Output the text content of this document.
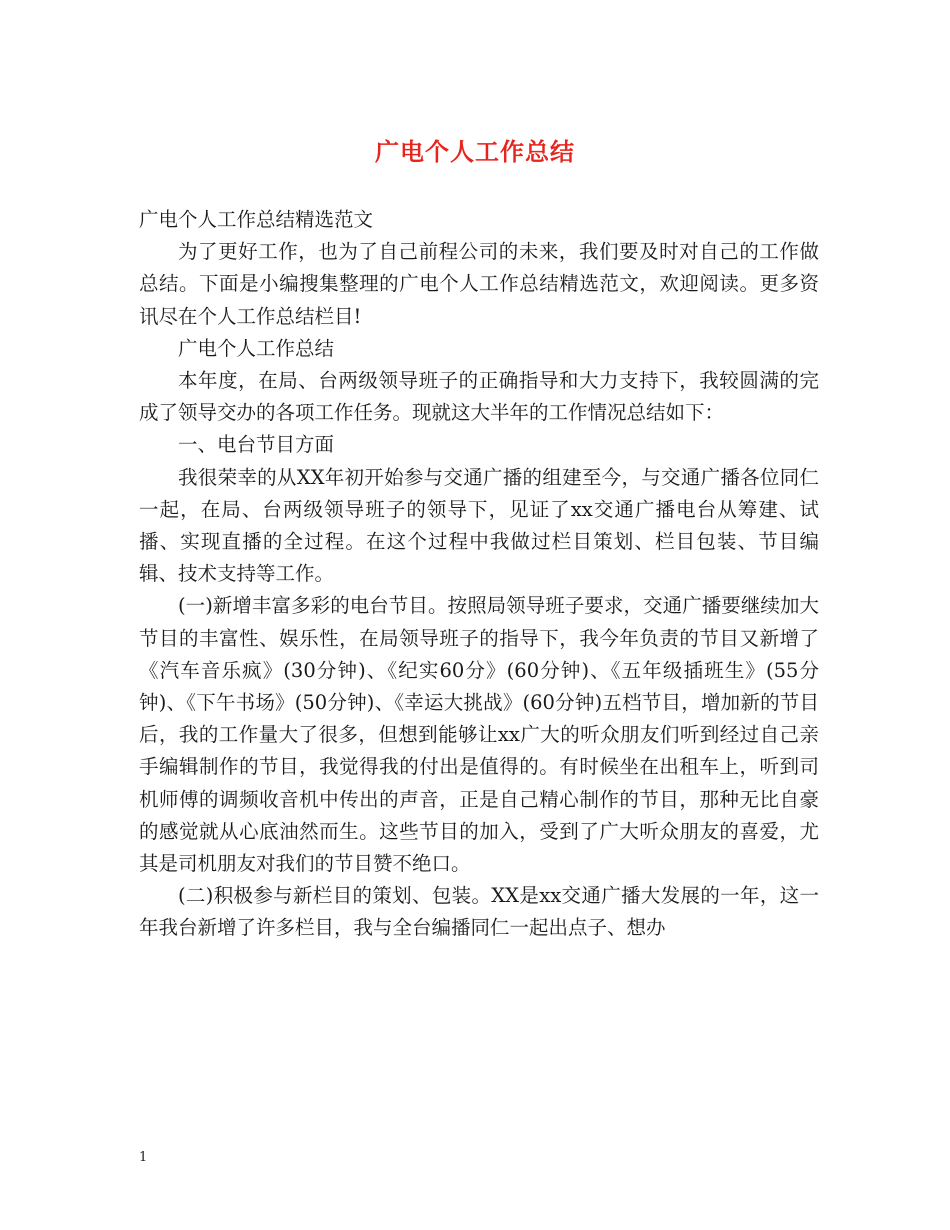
广电个人工作总结

广电个人工作总结精选范文

为了更好工作，也为了自己前程公司的未来，我们要及时对自己的工作做总结。下面是小编搜集整理的广电个人工作总结精选范文，欢迎阅读。更多资讯尽在个人工作总结栏目!

广电个人工作总结

本年度，在局、台两级领导班子的正确指导和大力支持下，我较圆满的完成了领导交办的各项工作任务。现就这大半年的工作情况总结如下：

一、电台节目方面

我很荣幸的从XX年初开始参与交通广播的组建至今，与交通广播各位同仁一起，在局、台两级领导班子的领导下，见证了xx交通广播电台从筹建、试播、实现直播的全过程。在这个过程中我做过栏目策划、栏目包装、节目编辑、技术支持等工作。

(一)新增丰富多彩的电台节目。按照局领导班子要求，交通广播要继续加大节目的丰富性、娱乐性，在局领导班子的指导下，我今年负责的节目又新增了《汽车音乐疯》(30分钟)、《纪实60分》(60分钟)、《五年级插班生》(55分钟)、《下午书场》(50分钟)、《幸运大挑战》(60分钟)五档节目，增加新的节目后，我的工作量大了很多，但想到能够让xx广大的听众朋友们听到经过自己亲手编辑制作的节目，我觉得我的付出是值得的。有时候坐在出租车上，听到司机师傅的调频收音机中传出的声音，正是自己精心制作的节目，那种无比自豪的感觉就从心底油然而生。这些节目的加入，受到了广大听众朋友的喜爱，尤其是司机朋友对我们的节目赞不绝口。

(二)积极参与新栏目的策划、包装。XX是xx交通广播大发展的一年，这一年我台新增了许多栏目，我与全台编播同仁一起出点子、想办

1
